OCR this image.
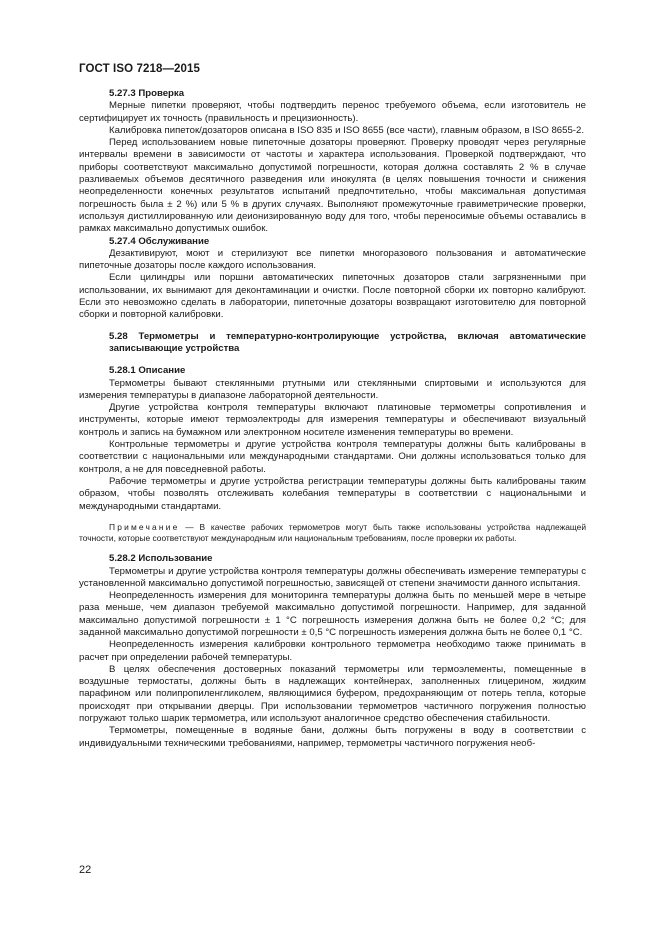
ГОСТ ISO 7218—2015

5.27.3 Проверка

Мерные пипетки проверяют, чтобы подтвердить перенос требуемого объема, если изготовитель не сертифицирует их точность (правильность и прецизионность).

Калибровка пипеток/дозаторов описана в ISO 835 и ISO 8655 (все части), главным образом, в ISO 8655-2.

Перед использованием новые пипеточные дозаторы проверяют. Проверку проводят через регулярные интервалы времени в зависимости от частоты и характера использования. Проверкой подтверждают, что приборы соответствуют максимально допустимой погрешности, которая должна составлять 2 % в случае разливаемых объемов десятичного разведения или инокулята (в целях повышения точности и снижения неопределенности конечных результатов испытаний предпочтительно, чтобы максимальная допустимая погрешность была ± 2 %) или 5 % в других случаях. Выполняют промежуточные гравиметрические проверки, используя дистиллированную или деионизированную воду для того, чтобы переносимые объемы оставались в рамках максимально допустимых ошибок.

5.27.4 Обслуживание

Дезактивируют, моют и стерилизуют все пипетки многоразового пользования и автоматические пипеточные дозаторы после каждого использования.

Если цилиндры или поршни автоматических пипеточных дозаторов стали загрязненными при использовании, их вынимают для деконтаминации и очистки. После повторной сборки их повторно калибруют. Если это невозможно сделать в лаборатории, пипеточные дозаторы возвращают изготовителю для повторной сборки и повторной калибровки.

5.28 Термометры и температурно-контролирующие устройства, включая автоматические записывающие устройства

5.28.1 Описание

Термометры бывают стеклянными ртутными или стеклянными спиртовыми и используются для измерения температуры в диапазоне лабораторной деятельности.

Другие устройства контроля температуры включают платиновые термометры сопротивления и инструменты, которые имеют термоэлектроды для измерения температуры и обеспечивают визуальный контроль и запись на бумажном или электронном носителе изменения температуры во времени.

Контрольные термометры и другие устройства контроля температуры должны быть калиброваны в соответствии с национальными или международными стандартами. Они должны использоваться только для контроля, а не для повседневной работы.

Рабочие термометры и другие устройства регистрации температуры должны быть калиброваны таким образом, чтобы позволять отслеживать колебания температуры в соответствии с национальными и международными стандартами.

Примечание — В качестве рабочих термометров могут быть также использованы устройства надлежащей точности, которые соответствуют международным или национальным требованиям, после проверки их работы.

5.28.2 Использование

Термометры и другие устройства контроля температуры должны обеспечивать измерение температуры с установленной максимально допустимой погрешностью, зависящей от степени значимости данного испытания.

Неопределенность измерения для мониторинга температуры должна быть по меньшей мере в четыре раза меньше, чем диапазон требуемой максимально допустимой погрешности. Например, для заданной максимально допустимой погрешности ± 1 °С погрешность измерения должна быть не более 0,2 °С; для заданной максимально допустимой погрешности ± 0,5 °С погрешность измерения должна быть не более 0,1 °С.

Неопределенность измерения калибровки контрольного термометра необходимо также принимать в расчет при определении рабочей температуры.

В целях обеспечения достоверных показаний термометры или термоэлементы, помещенные в воздушные термостаты, должны быть в надлежащих контейнерах, заполненных глицерином, жидким парафином или полипропиленгликолем, являющимися буфером, предохраняющим от потерь тепла, которые происходят при открывании дверцы. При использовании термометров частичного погружения полностью погружают только шарик термометра, или используют аналогичное средство обеспечения стабильности.

Термометры, помещенные в водяные бани, должны быть погружены в воду в соответствии с индивидуальными техническими требованиями, например, термометры частичного погружения необ-

22
